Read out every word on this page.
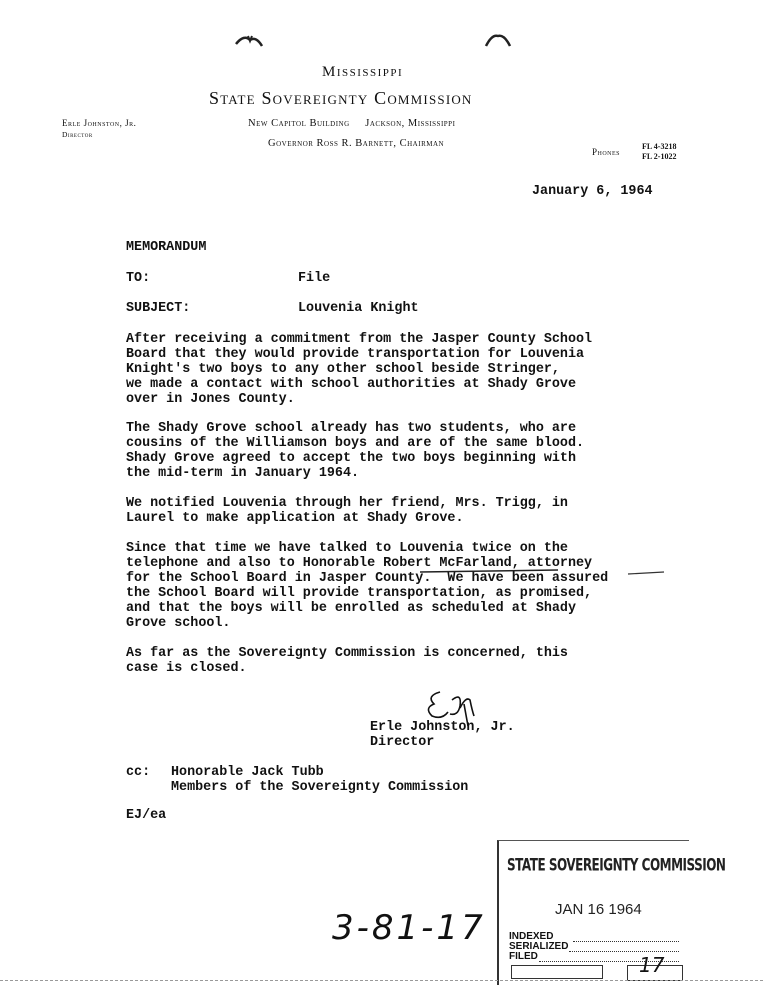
Mississippi
State Sovereignty Commission
New Capitol Building     Jackson, Mississippi
Governor Ross R. Barnett, Chairman
Erle Johnston, Jr.
Director
Phones
FL 4-3218
FL 2-1022
January 6, 1964
MEMORANDUM
TO:	File
SUBJECT:	Louvenia Knight
After receiving a commitment from the Jasper County School
Board that they would provide transportation for Louvenia
Knight's two boys to any other school beside Stringer,
we made a contact with school authorities at Shady Grove
over in Jones County.
The Shady Grove school already has two students, who are
cousins of the Williamson boys and are of the same blood.
Shady Grove agreed to accept the two boys beginning with
the mid-term in January 1964.
We notified Louvenia through her friend, Mrs. Trigg, in
Laurel to make application at Shady Grove.
Since that time we have talked to Louvenia twice on the
telephone and also to Honorable Robert McFarland, attorney
for the School Board in Jasper County.  We have been assured
the School Board will provide transportation, as promised,
and that the boys will be enrolled as scheduled at Shady
Grove school.
As far as the Sovereignty Commission is concerned, this
case is closed.
Erle Johnston, Jr.
Director
cc: Honorable Jack Tubb
Members of the Sovereignty Commission
EJ/ea
3-81-17
STATE SOVEREIGNTY COMMISSION
JAN 16 1964
INDEXED
SERIALIZED
FILED	17
